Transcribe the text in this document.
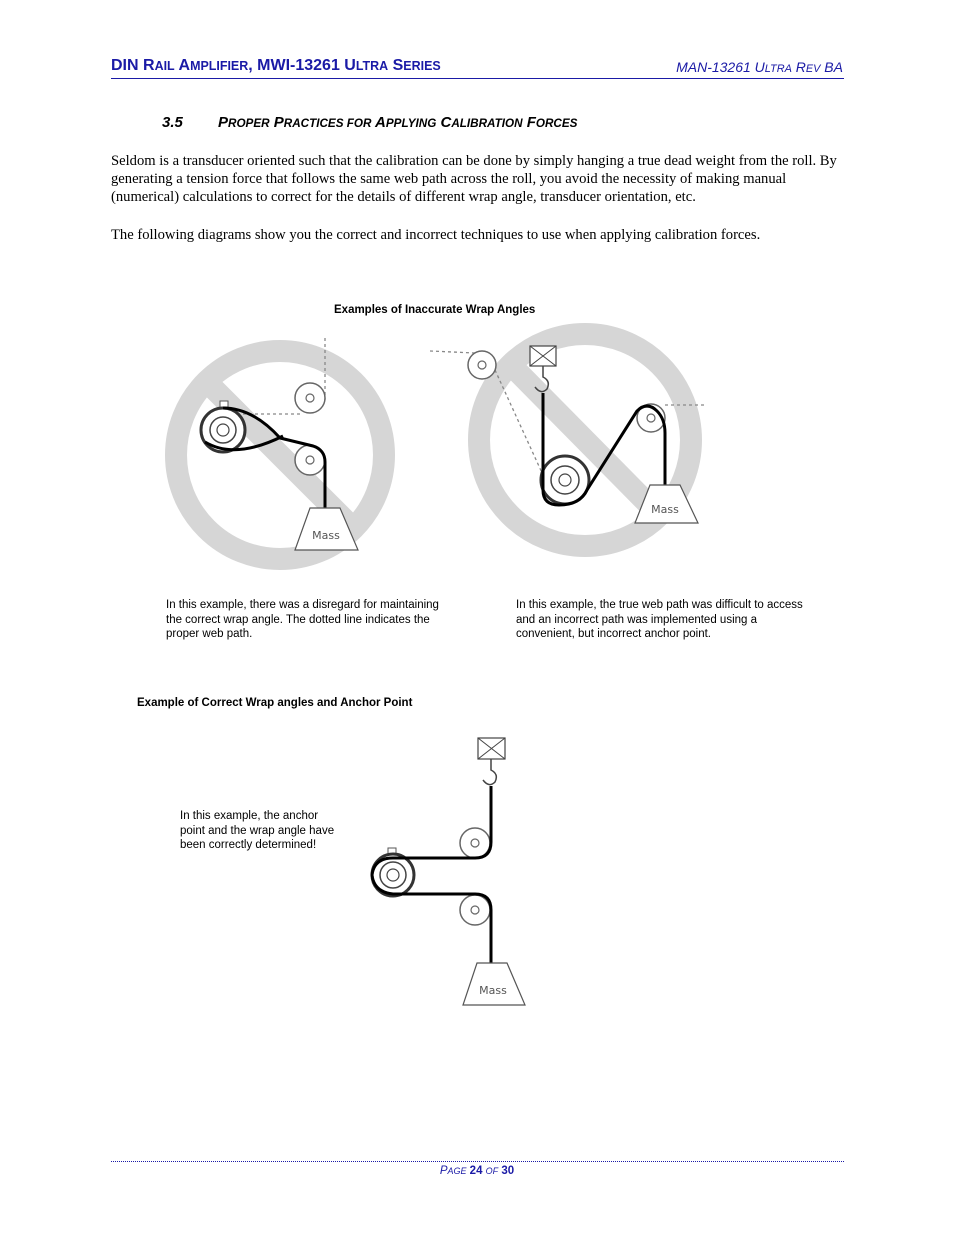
DIN RAIL AMPLIFIER, MWI-13261 ULTRA SERIES	MAN-13261 ULTRA REV BA
3.5 PROPER PRACTICES FOR APPLYING CALIBRATION FORCES
Seldom is a transducer oriented such that the calibration can be done by simply hanging a true dead weight from the roll. By generating a tension force that follows the same web path across the roll, you avoid the necessity of making manual (numerical) calculations to correct for the details of different wrap angle, transducer orientation, etc.
The following diagrams show you the correct and incorrect techniques to use when applying calibration forces.
Examples of Inaccurate Wrap Angles
Mass
Mass
In this example, there was a disregard for maintaining the correct wrap angle. The dotted line indicates the proper web path.
In this example, the true web path was difficult to access and an incorrect path was implemented using a convenient, but incorrect anchor point.
Example of Correct Wrap angles and Anchor Point
In this example, the anchor point and the wrap angle have been correctly determined!
Mass
PAGE 24 OF 30
